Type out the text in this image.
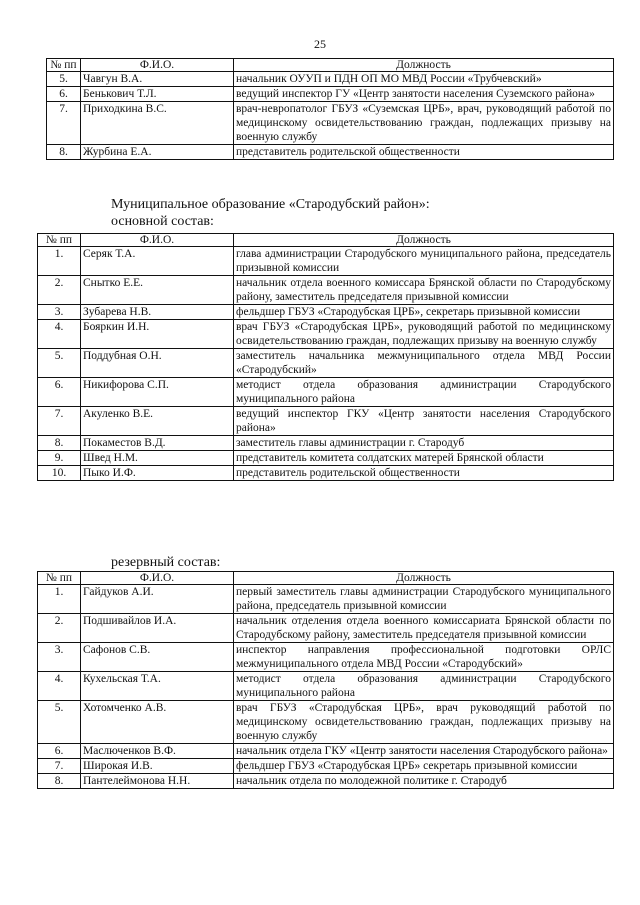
25
№ пп	Ф.И.О.	Должность
5.	Чавгун В.А.	начальник ОУУП и ПДН ОП МО МВД России «Трубчевский»
6.	Бенькович Т.Л.	ведущий инспектор ГУ «Центр занятости населения Суземского района»
7.	Приходкина В.С.	врач-невропатолог ГБУЗ «Суземская ЦРБ», врач, руководящий работой по медицинскому освидетельствованию граждан, подлежащих призыву на военную службу
8.	Журбина Е.А.	представитель родительской общественности
Муниципальное образование «Стародубский район»:
основной состав:
№ пп	Ф.И.О.	Должность
1.	Серяк Т.А.	глава администрации Стародубского муниципального района, председатель призывной комиссии
2.	Снытко Е.Е.	начальник отдела военного комиссара Брянской области по Стародубскому району, заместитель председателя призывной комиссии
3.	Зубарева Н.В.	фельдшер ГБУЗ «Стародубская ЦРБ», секретарь призывной комиссии
4.	Бояркин И.Н.	врач ГБУЗ «Стародубская ЦРБ», руководящий работой по медицинскому освидетельствованию граждан, подлежащих призыву на военную службу
5.	Поддубная О.Н.	заместитель начальника межмуниципального отдела МВД России «Стародубский»
6.	Никифорова С.П.	методист отдела образования администрации Стародубского муниципального района
7.	Акуленко В.Е.	ведущий инспектор ГКУ «Центр занятости населения Стародубского района»
8.	Покаместов В.Д.	заместитель главы администрации г. Стародуб
9.	Швед Н.М.	представитель комитета солдатских матерей Брянской области
10.	Пыко И.Ф.	представитель родительской общественности
резервный состав:
№ пп	Ф.И.О.	Должность
1.	Гайдуков А.И.	первый заместитель главы администрации Стародубского муниципального района, председатель призывной комиссии
2.	Подшивайлов И.А.	начальник отделения отдела военного комиссариата Брянской области по Стародубскому району, заместитель председателя призывной комиссии
3.	Сафонов С.В.	инспектор направления профессиональной подготовки ОРЛС межмуниципального отдела МВД России «Стародубский»
4.	Кухельская Т.А.	методист отдела образования администрации Стародубского муниципального района
5.	Хотомченко А.В.	врач ГБУЗ «Стародубская ЦРБ», врач руководящий работой по медицинскому освидетельствованию граждан, подлежащих призыву на военную службу
6.	Маслюченков В.Ф.	начальник отдела ГКУ «Центр занятости населения Стародубского района»
7.	Широкая И.В.	фельдшер ГБУЗ «Стародубская ЦРБ» секретарь призывной комиссии
8.	Пантелеймонова Н.Н.	начальник отдела по молодежной политике г. Стародуб
